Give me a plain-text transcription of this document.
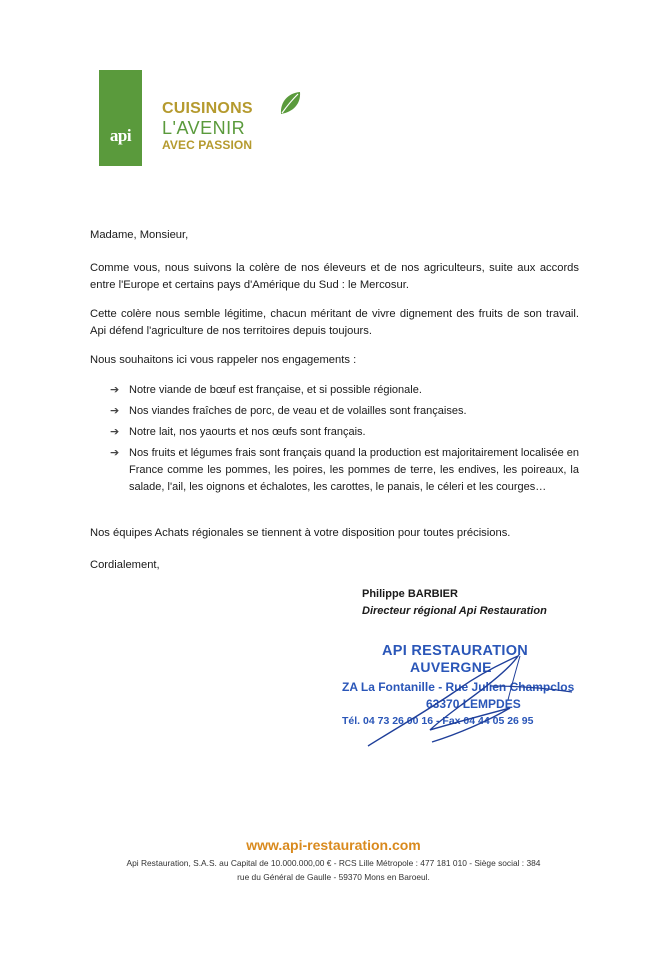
api
CUISINONS
L'AVENIR
AVEC PASSION
Madame, Monsieur,
Comme vous, nous suivons la colère de nos éleveurs et de nos agriculteurs, suite aux accords entre l'Europe et certains pays d'Amérique du Sud : le Mercosur.
Cette colère nous semble légitime, chacun méritant de vivre dignement des fruits de son travail. Api défend l'agriculture de nos territoires depuis toujours.
Nous souhaitons ici vous rappeler nos engagements :
➔ Notre viande de bœuf est française, et si possible régionale.
➔ Nos viandes fraîches de porc, de veau et de volailles sont françaises.
➔ Notre lait, nos yaourts et nos œufs sont français.
➔ Nos fruits et légumes frais sont français quand la production est majoritairement localisée en France comme les pommes, les poires, les pommes de terre, les endives, les poireaux, la salade, l'ail, les oignons et échalotes, les carottes, le panais, le céleri et les courges…
Nos équipes Achats régionales se tiennent à votre disposition pour toutes précisions.
Cordialement,
Philippe BARBIER
Directeur régional Api Restauration
API RESTAURATION
AUVERGNE
ZA La Fontanille - Rue Julien Champclos
63370 LEMPDES
Tél. 04 73 26 00 16 - Fax 04 44 05 26 95
www.api-restauration.com
Api Restauration, S.A.S. au Capital de 10.000.000,00 € - RCS Lille Métropole : 477 181 010 - Siège social : 384
rue du Général de Gaulle - 59370 Mons en Baroeul.
